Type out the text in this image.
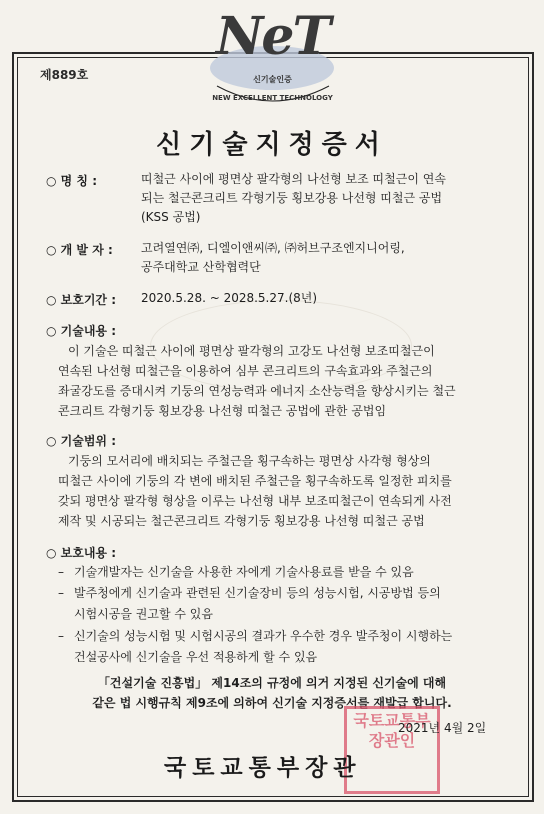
NeT
신기술인증
NEW EXCELLENT TECHNOLOGY
제889호
신기술지정증서
○ 명 칭 :	띠철근 사이에 평면상 팔각형의 나선형 보조 띠철근이 연속
되는 철근콘크리트 각형기둥 횡보강용 나선형 띠철근 공법
(KSS 공법)
○ 개 발 자 : 고려열연㈜, 디엘이앤씨㈜, ㈜허브구조엔지니어링,
공주대학교 산학협력단
○ 보호기간 : 2020.5.28. ~ 2028.5.27.(8년)
○ 기술내용 :
이 기술은 띠철근 사이에 평면상 팔각형의 고강도 나선형 보조띠철근이
연속된 나선형 띠철근을 이용하여 심부 콘크리트의 구속효과와 주철근의
좌굴강도를 증대시켜 기둥의 연성능력과 에너지 소산능력을 향상시키는 철근
콘크리트 각형기둥 횡보강용 나선형 띠철근 공법에 관한 공법임
○ 기술범위 :
기둥의 모서리에 배치되는 주철근을 횡구속하는 평면상 사각형 형상의
띠철근 사이에 기둥의 각 변에 배치된 주철근을 횡구속하도록 일정한 피치를
갖되 평면상 팔각형 형상을 이루는 나선형 내부 보조띠철근이 연속되게 사전
제작 및 시공되는 철근콘크리트 각형기둥 횡보강용 나선형 띠철근 공법
○ 보호내용 :
– 기술개발자는 신기술을 사용한 자에게 기술사용료를 받을 수 있음
– 발주청에게 신기술과 관련된 신기술장비 등의 성능시험, 시공방법 등의
시험시공을 권고할 수 있음
– 신기술의 성능시험 및 시험시공의 결과가 우수한 경우 발주청이 시행하는
건설공사에 신기술을 우선 적용하게 할 수 있음
「건설기술 진흥법」 제14조의 규정에 의거 지정된 신기술에 대해
같은 법 시행규칙 제9조에 의하여 신기술 지정증서를 재발급 합니다.
국토교통부장관인
2021년 4월 2일
국토교통부장관
